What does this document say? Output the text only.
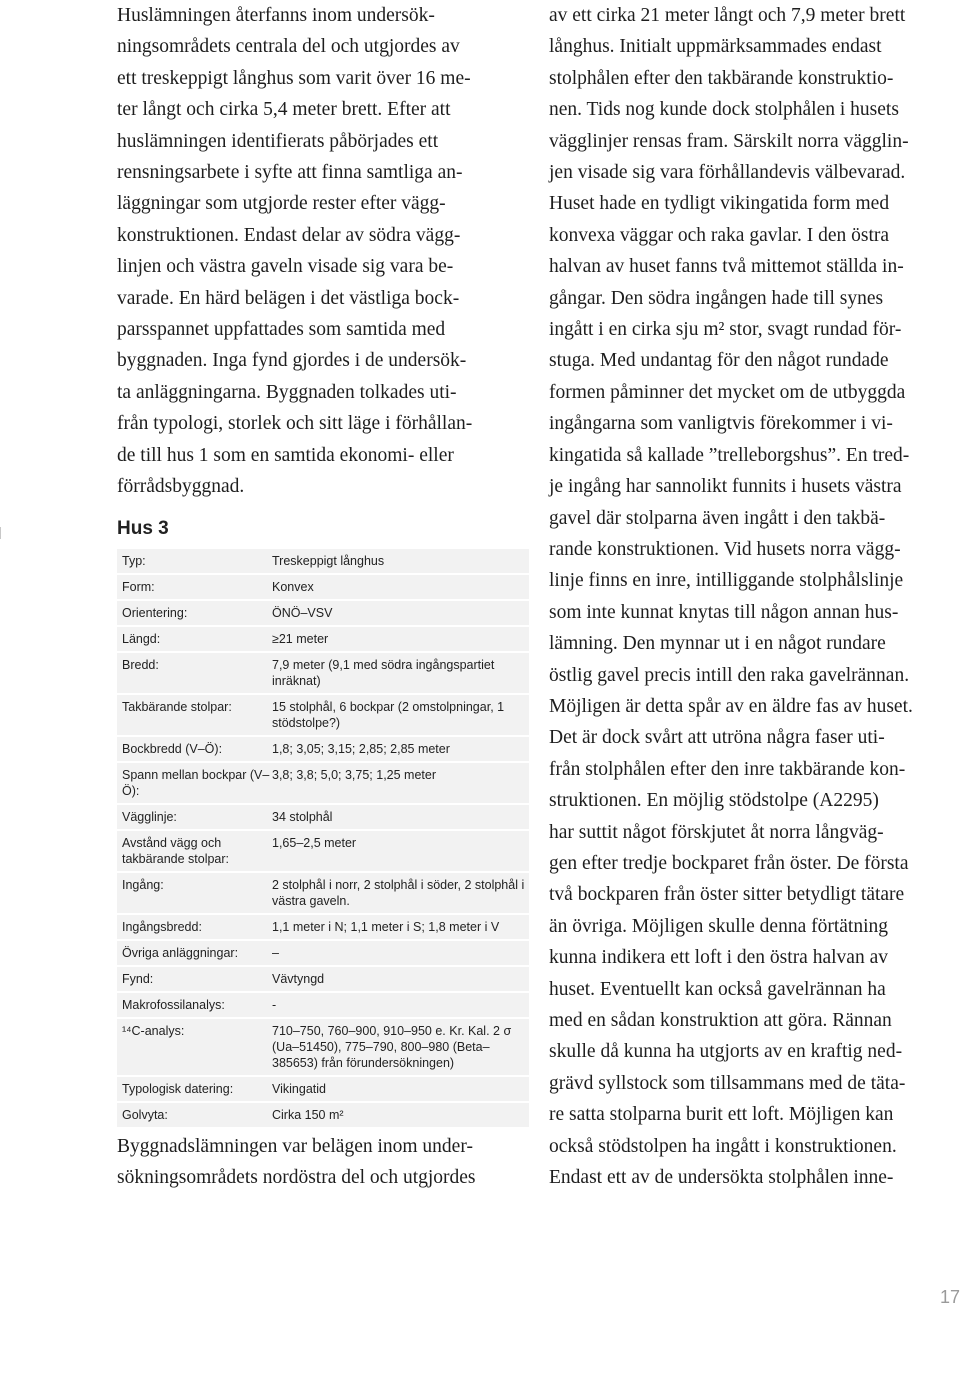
Huslämningen återfanns inom undersök-
ningsområdets centrala del och utgjordes av
ett treskeppigt långhus som varit över 16 me-
ter långt och cirka 5,4 meter brett. Efter att
huslämningen identifierats påbörjades ett
rensningsarbete i syfte att finna samtliga an-
läggningar som utgjorde rester efter vägg-
konstruktionen. Endast delar av södra vägg-
linjen och västra gaveln visade sig vara be-
varade. En härd belägen i det västliga bock-
parsspannet uppfattades som samtida med
byggnaden. Inga fynd gjordes i de undersök-
ta anläggningarna. Byggnaden tolkades uti-
från typologi, storlek och sitt läge i förhållan-
de till hus 1 som en samtida ekonomi- eller
förrådsbyggnad.
Hus 3
Typ:	Treskeppigt långhus
Form:	Konvex
Orientering:	ÖNÖ–VSV
Längd:	≥21 meter
Bredd:	7,9 meter (9,1 med södra ingångspartiet inräknat)
Takbärande stolpar:	15 stolphål, 6 bockpar (2 omstolpningar, 1 stödstolpe?)
Bockbredd (V–Ö):	1,8; 3,05; 3,15; 2,85; 2,85 meter
Spann mellan bockpar (V–Ö):
3,8; 3,8; 5,0; 3,75; 1,25 meter
Vägglinje:	34 stolphål
Avstånd vägg och takbärande stolpar:
1,65–2,5 meter
Ingång:	2 stolphål i norr, 2 stolphål i söder, 2 stolphål i västra gaveln.
Ingångsbredd:	1,1 meter i N; 1,1 meter i S; 1,8 meter i V
Övriga anläggningar:	–
Fynd:	Vävtyngd
Makrofossilanalys:	-
¹⁴C-analys:	710–750, 760–900, 910–950 e. Kr. Kal. 2 σ (Ua–51450), 775–790, 800–980 (Beta–385653) från förundersökningen)
Typologisk datering:	Vikingatid
Golvyta:	Cirka 150 m²
Byggnadslämningen var belägen inom under-
sökningsområdets nordöstra del och utgjordes
av ett cirka 21 meter långt och 7,9 meter brett
långhus. Initialt uppmärksammades endast
stolphålen efter den takbärande konstruktio-
nen. Tids nog kunde dock stolphålen i husets
vägglinjer rensas fram. Särskilt norra vägglin-
jen visade sig vara förhållandevis välbevarad.
Huset hade en tydligt vikingatida form med
konvexa väggar och raka gavlar. I den östra
halvan av huset fanns två mittemot ställda in-
gångar. Den södra ingången hade till synes
ingått i en cirka sju m² stor, svagt rundad för-
stuga. Med undantag för den något rundade
formen påminner det mycket om de utbyggda
ingångarna som vanligtvis förekommer i vi-
kingatida så kallade ”trelleborgshus”. En tred-
je ingång har sannolikt funnits i husets västra
gavel där stolparna även ingått i den takbä-
rande konstruktionen. Vid husets norra vägg-
linje finns en inre, intilliggande stolphålslinje
som inte kunnat knytas till någon annan hus-
lämning. Den mynnar ut i en något rundare
östlig gavel precis intill den raka gavelrännan.
Möjligen är detta spår av en äldre fas av huset.
Det är dock svårt att utröna några faser uti-
från stolphålen efter den inre takbärande kon-
struktionen. En möjlig stödstolpe (A2295)
har suttit något förskjutet åt norra långväg-
gen efter tredje bockparet från öster. De första
två bockparen från öster sitter betydligt tätare
än övriga. Möjligen skulle denna förtätning
kunna indikera ett loft i den östra halvan av
huset. Eventuellt kan också gavelrännan ha
med en sådan konstruktion att göra. Rännan
skulle då kunna ha utgjorts av en kraftig ned-
grävd syllstock som tillsammans med de täta-
re satta stolparna burit ett loft. Möjligen kan
också stödstolpen ha ingått i konstruktionen.
Endast ett av de undersökta stolphålen inne-
17
